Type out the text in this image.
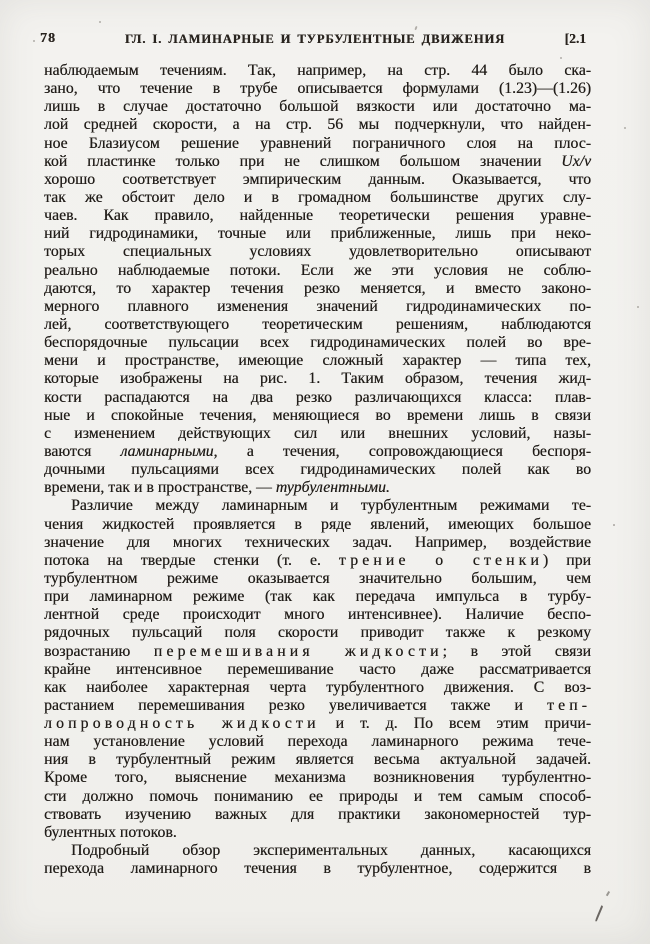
78	ГЛ. I. ЛАМИНАРНЫЕ И ТУРБУЛЕНТНЫЕ ДВИЖЕНИЯ	[2.1
наблюдаемым течениям. Так, например, на стр. 44 было ска-
зано, что течение в трубе описывается формулами (1.23)—(1.26)
лишь в случае достаточно большой вязкости или достаточно ма-
лой средней скорости, а на стр. 56 мы подчеркнули, что найден-
ное Блазиусом решение уравнений пограничного слоя на плос-
кой пластинке только при не слишком большом значении Ux/ν
хорошо соответствует эмпирическим данным. Оказывается, что
так же обстоит дело и в громадном большинстве других слу-
чаев. Как правило, найденные теоретически решения уравне-
ний гидродинамики, точные или приближенные, лишь при неко-
торых специальных условиях удовлетворительно описывают
реально наблюдаемые потоки. Если же эти условия не соблю-
даются, то характер течения резко меняется, и вместо законо-
мерного плавного изменения значений гидродинамических по-
лей, соответствующего теоретическим решениям, наблюдаются
беспорядочные пульсации всех гидродинамических полей во вре-
мени и пространстве, имеющие сложный характер — типа тех,
которые изображены на рис. 1. Таким образом, течения жид-
кости распадаются на два резко различающихся класса: плав-
ные и спокойные течения, меняющиеся во времени лишь в связи
с изменением действующих сил или внешних условий, назы-
ваются ламинарными, а течения, сопровождающиеся беспоря-
дочными пульсациями всех гидродинамических полей как во
времени, так и в пространстве, — турбулентными.
Различие между ламинарным и турбулентным режимами те-
чения жидкостей проявляется в ряде явлений, имеющих большое
значение для многих технических задач. Например, воздействие
потока на твердые стенки (т. е. трение о стенки) при
турбулентном режиме оказывается значительно большим, чем
при ламинарном режиме (так как передача импульса в турбу-
лентной среде происходит много интенсивнее). Наличие беспо-
рядочных пульсаций поля скорости приводит также к резкому
возрастанию перемешивания жидкости; в этой связи
крайне интенсивное перемешивание часто даже рассматривается
как наиболее характерная черта турбулентного движения. С воз-
растанием перемешивания резко увеличивается также и теп-
лопроводность жидкости и т. д. По всем этим причи-
нам установление условий перехода ламинарного режима тече-
ния в турбулентный режим является весьма актуальной задачей.
Кроме того, выяснение механизма возникновения турбулентно-
сти должно помочь пониманию ее природы и тем самым способ-
ствовать изучению важных для практики закономерностей тур-
булентных потоков.
Подробный обзор экспериментальных данных, касающихся
перехода ламинарного течения в турбулентное, содержится в
